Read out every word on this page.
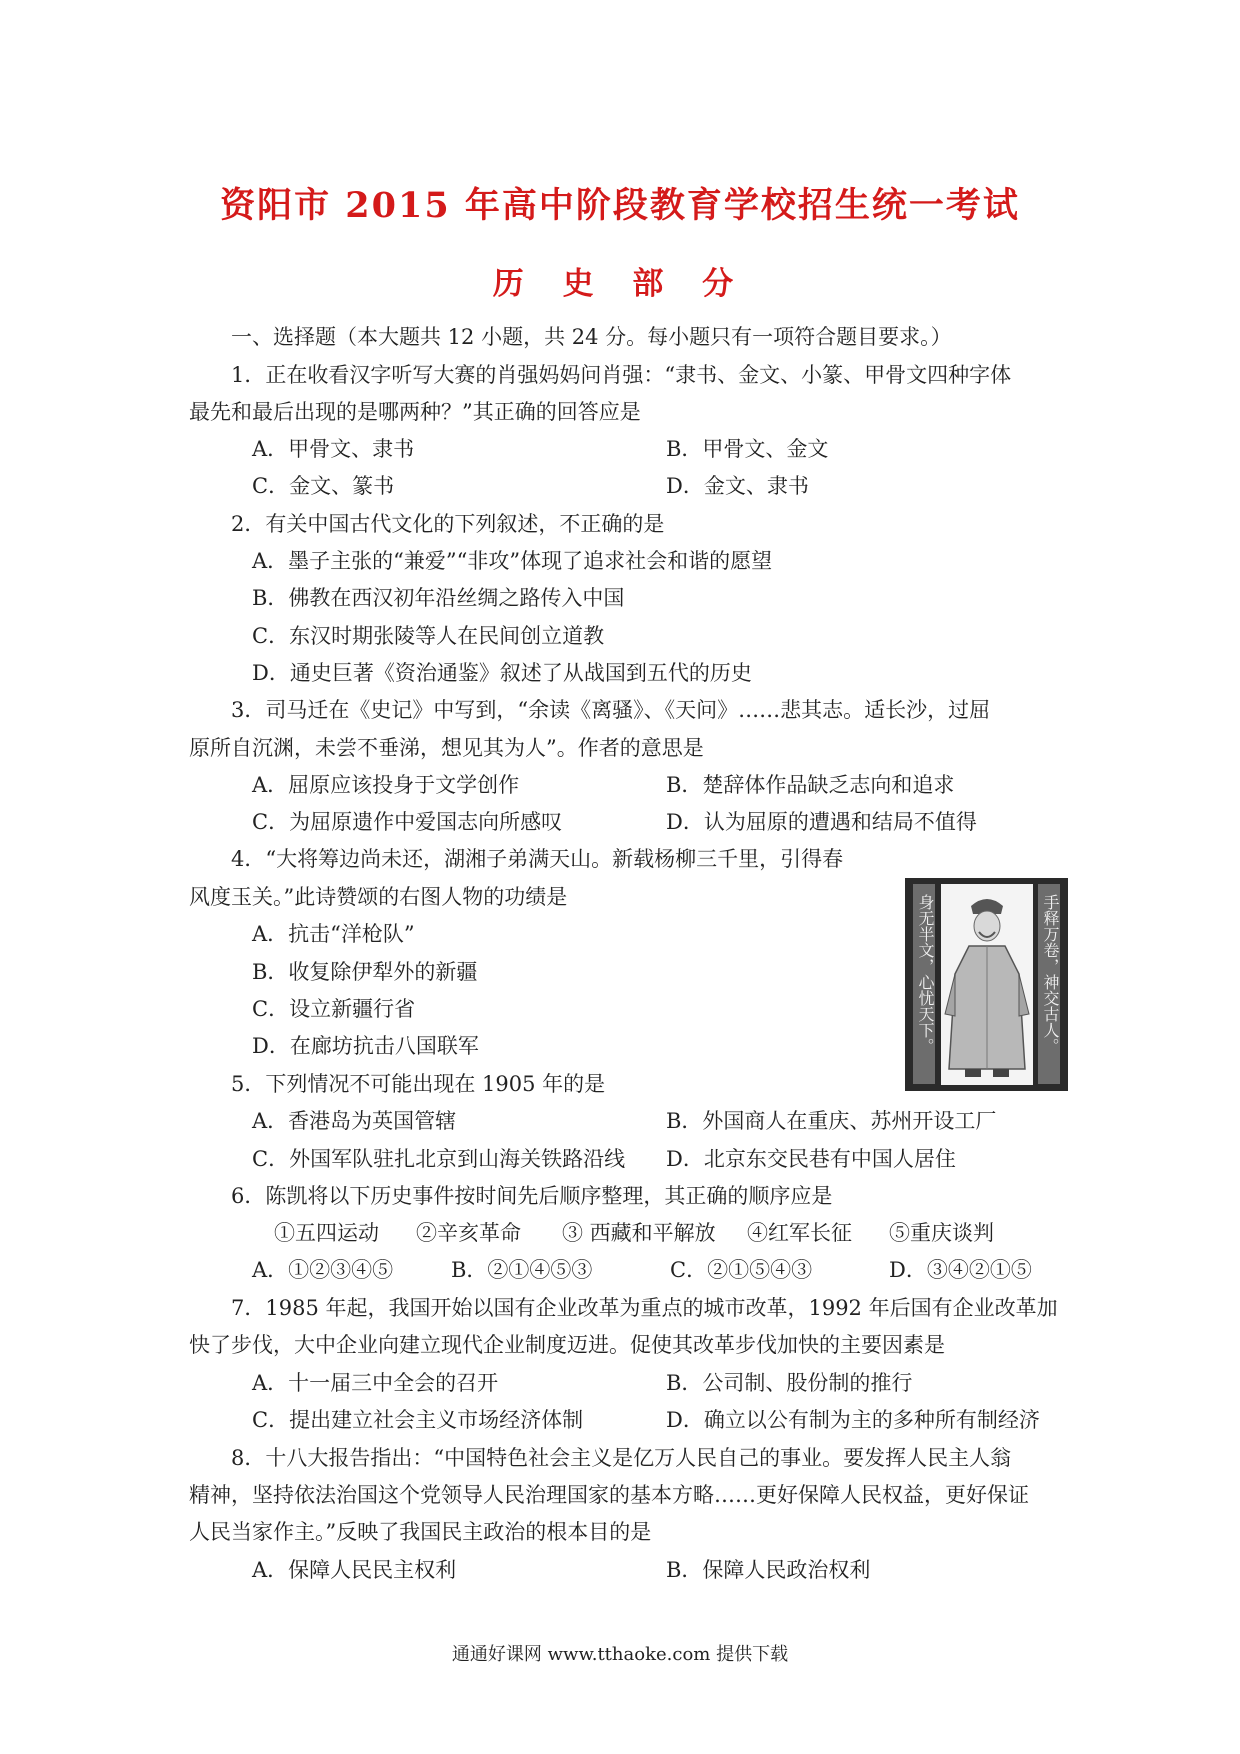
资阳市 2015 年高中阶段教育学校招生统一考试
历 史 部 分
一、选择题（本大题共 12 小题，共 24 分。每小题只有一项符合题目要求。）
1．正在收看汉字听写大赛的肖强妈妈问肖强：“隶书、金文、小篆、甲骨文四种字体
最先和最后出现的是哪两种？”其正确的回答应是
A．甲骨文、隶书	B．甲骨文、金文
C．金文、篆书	D．金文、隶书
2．有关中国古代文化的下列叙述，不正确的是
A．墨子主张的“兼爱”“非攻”体现了追求社会和谐的愿望
B．佛教在西汉初年沿丝绸之路传入中国
C．东汉时期张陵等人在民间创立道教
D．通史巨著《资治通鉴》叙述了从战国到五代的历史
3．司马迁在《史记》中写到，“余读《离骚》、《天问》……悲其志。适长沙，过屈
原所自沉渊，未尝不垂涕，想见其为人”。作者的意思是
A．屈原应该投身于文学创作	B．楚辞体作品缺乏志向和追求
C．为屈原遗作中爱国志向所感叹	D．认为屈原的遭遇和结局不值得
4．“大将筹边尚未还，湖湘子弟满天山。新载杨柳三千里，引得春
风度玉关。”此诗赞颂的右图人物的功绩是
A．抗击“洋枪队”
B．收复除伊犁外的新疆
C．设立新疆行省
D．在廊坊抗击八国联军	身无半文，心忧天下。	手释万卷，神交古人。
5．下列情况不可能出现在 1905 年的是
A．香港岛为英国管辖	B．外国商人在重庆、苏州开设工厂
C．外国军队驻扎北京到山海关铁路沿线 D．北京东交民巷有中国人居住
6．陈凯将以下历史事件按时间先后顺序整理，其正确的顺序应是
①五四运动 ②辛亥革命 ③ 西藏和平解放 ④红军长征 ⑤重庆谈判
A．①②③④⑤	B．②①④⑤③	C．②①⑤④③	D．③④②①⑤
7．1985 年起，我国开始以国有企业改革为重点的城市改革，1992 年后国有企业改革加
快了步伐，大中企业向建立现代企业制度迈进。促使其改革步伐加快的主要因素是
A．十一届三中全会的召开	B．公司制、股份制的推行
C．提出建立社会主义市场经济体制	D．确立以公有制为主的多种所有制经济
8．十八大报告指出：“中国特色社会主义是亿万人民自己的事业。要发挥人民主人翁
精神，坚持依法治国这个党领导人民治理国家的基本方略……更好保障人民权益，更好保证
人民当家作主。”反映了我国民主政治的根本目的是
A．保障人民民主权利	B．保障人民政治权利
通通好课网 www.tthaoke.com 提供下载
